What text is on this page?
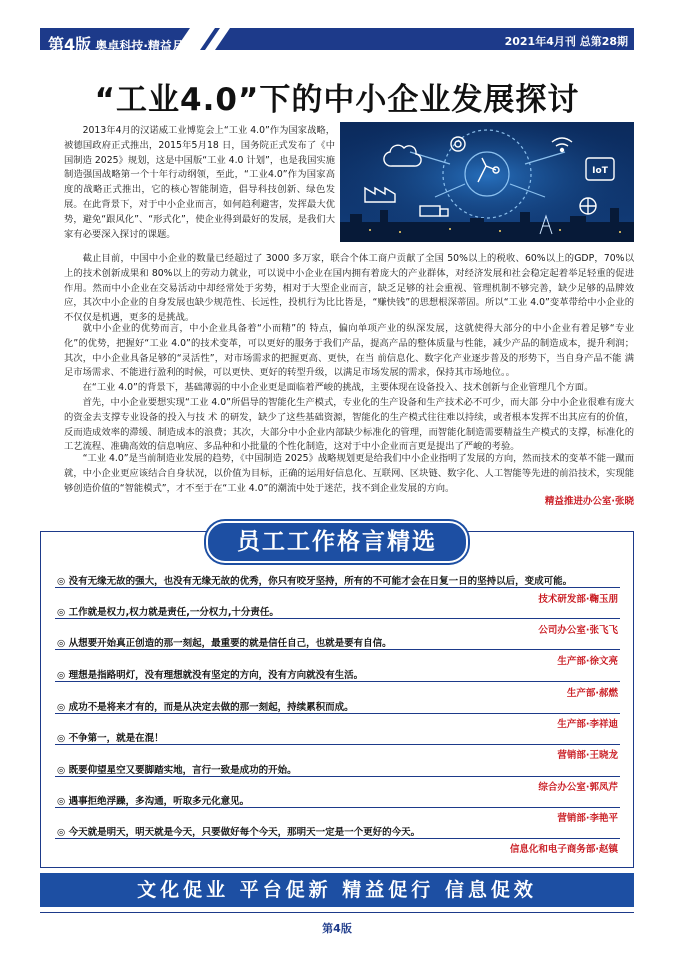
第4版 奥卓科技·精益月刊	2021年4月刊 总第28期
“工业4.0”下的中小企业发展探讨

2013年4月的汉诺威工业博览会上“工业 4.0”作为国家战略，被德国政府正式推出，2015年5月18 日，国务院正式发布了《中国制造 2025》规划，这是中国版“工业 4.0 计划”，也是我国实施制造强国战略第一个十年行动纲领，至此，“工业4.0”作为国家高度的战略正式推出，它的核心智能制造，倡导科技创新、绿色发展。在此背景下，对于中小企业而言，如何趋利避害，发挥最大优势，避免“跟风化”、“形式化”，使企业得到最好的发展，是我们大家有必要深入探讨的课题。

IoT

截止目前，中国中小企业的数量已经超过了 3000 多万家，联合个体工商户贡献了全国 50%以上的税收、60%以上的GDP，70%以上的技术创新成果和 80%以上的劳动力就业，可以说中小企业在国内拥有着庞大的产业群体，对经济发展和社会稳定起着举足轻重的促进作用。然而中小企业在交易活动中却经常处于劣势，相对于大型企业而言，缺乏足够的社会重视、管理机制不够完善，缺少足够的品牌效应，其次中小企业的自身发展也缺少规范性、长远性，投机行为比比皆是，“赚快钱”的思想根深蒂固。所以“工业 4.0”变革带给中小企业的不仅仅是机遇，更多的是挑战。

就中小企业的优势而言，中小企业具备着“小而精”的 特点，偏向单项产业的纵深发展，这就使得大部分的中小企业有着足够“专业化”的优势，把握好“工业 4.0”的技术变革，可以更好的服务于我们产品，提高产品的整体质量与性能，减少产品的制造成本，提升利润；其次，中小企业具备足够的“灵活性”，对市场需求的把握更高、更快，在当 前信息化、数字化产业逐步普及的形势下，当自身产品不能 满足市场需求、不能进行盈利的时候，可以更快、更好的转型升级，以满足市场发展的需求，保持其市场地位。。

在“工业 4.0”的背景下，基础薄弱的中小企业更是面临着严峻的挑战，主要体现在设备投入、技术创新与企业管理几个方面。

首先，中小企业要想实现“工业 4.0”所倡导的智能化生产模式，专业化的生产设备和生产技术必不可少，而大部 分中小企业很难有庞大的资金去支撑专业设备的投入与技 术 的研发，缺少了这些基础资源，智能化的生产模式往往难以持续，或者根本发挥不出其应有的价值，反而造成效率的滞缓、制造成本的浪费；其次，大部分中小企业内部缺少标准化的管理，而智能化制造需要精益生产模式的支撑，标准化的工艺流程、准确高效的信息响应、多品种和小批量的个性化制造，这对于中小企业而言更是提出了严峻的考验。

“工业 4.0”是当前制造业发展的趋势，《中国制造 2025》战略规划更是给我们中小企业指明了发展的方向，然而技术的变革不能一蹴而就，中小企业更应该结合自身状况，以价值为目标，正确的运用好信息化、互联网、区块链、数字化、人工智能等先进的前沿技术，实现能够创造价值的“智能模式”，才不至于在“工业 4.0”的潮流中处于迷茫，找不到企业发展的方向。

精益推进办公室·张晓
员工工作格言精选
◎ 没有无缘无故的强大，也没有无缘无故的优秀，你只有咬牙坚持，所有的不可能才会在日复一日的坚持以后，变成可能。
技术研发部·鞠玉朋
◎ 工作就是权力,权力就是责任,一分权力,十分责任。
公司办公室·张飞飞
◎ 从想要开始真正创造的那一刻起，最重要的就是信任自己，也就是要有自信。
生产部·徐文亮
◎ 理想是指路明灯，没有理想就没有坚定的方向，没有方向就没有生活。
生产部·郝燃
◎ 成功不是将来才有的，而是从决定去做的那一刻起，持续累积而成。
生产部·李祥迪
◎ 不争第一，就是在混！
营销部·王晓龙
◎ 既要仰望星空又要脚踏实地，言行一致是成功的开始。
综合办公室·郭凤芹
◎ 遇事拒绝浮躁，多沟通，听取多元化意见。
营销部·李艳平
◎ 今天就是明天，明天就是今天，只要做好每个今天，那明天一定是一个更好的今天。
信息化和电子商务部·赵镇
文化促业 平台促新 精益促行 信息促效
第4版
